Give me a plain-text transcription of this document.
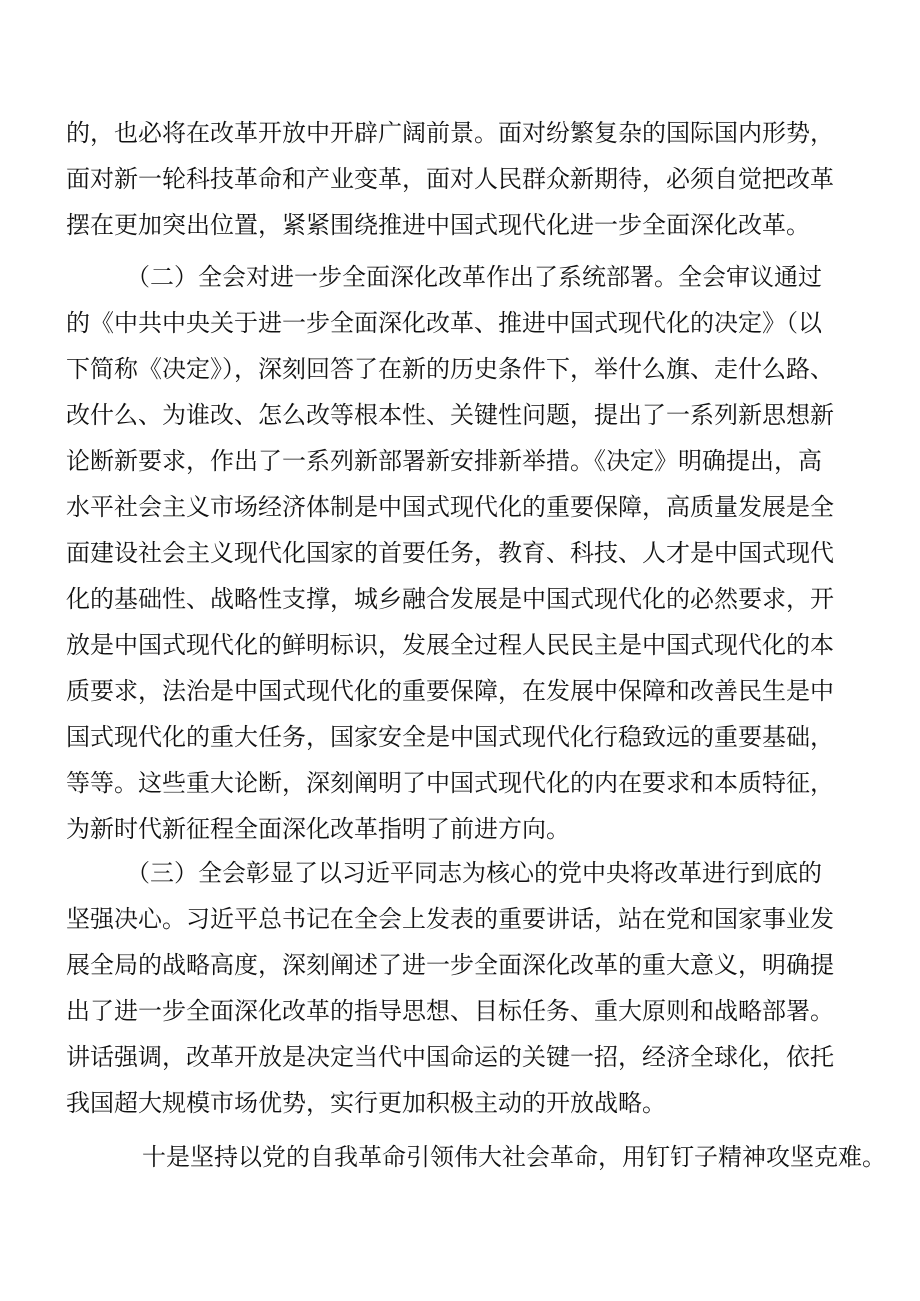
的，也必将在改革开放中开辟广阔前景。面对纷繁复杂的国际国内形势，
面对新一轮科技革命和产业变革，面对人民群众新期待，必须自觉把改革
摆在更加突出位置，紧紧围绕推进中国式现代化进一步全面深化改革。
（二）全会对进一步全面深化改革作出了系统部署。全会审议通过
的《中共中央关于进一步全面深化改革、推进中国式现代化的决定》（以
下简称《决定》），深刻回答了在新的历史条件下，举什么旗、走什么路、
改什么、为谁改、怎么改等根本性、关键性问题，提出了一系列新思想新
论断新要求，作出了一系列新部署新安排新举措。《决定》明确提出，高
水平社会主义市场经济体制是中国式现代化的重要保障，高质量发展是全
面建设社会主义现代化国家的首要任务，教育、科技、人才是中国式现代
化的基础性、战略性支撑，城乡融合发展是中国式现代化的必然要求，开
放是中国式现代化的鲜明标识，发展全过程人民民主是中国式现代化的本
质要求，法治是中国式现代化的重要保障，在发展中保障和改善民生是中
国式现代化的重大任务，国家安全是中国式现代化行稳致远的重要基础，
等等。这些重大论断，深刻阐明了中国式现代化的内在要求和本质特征，
为新时代新征程全面深化改革指明了前进方向。
（三）全会彰显了以习近平同志为核心的党中央将改革进行到底的
坚强决心。习近平总书记在全会上发表的重要讲话，站在党和国家事业发
展全局的战略高度，深刻阐述了进一步全面深化改革的重大意义，明确提
出了进一步全面深化改革的指导思想、目标任务、重大原则和战略部署。
讲话强调，改革开放是决定当代中国命运的关键一招，经济全球化，依托
我国超大规模市场优势，实行更加积极主动的开放战略。
十是坚持以党的自我革命引领伟大社会革命，用钉钉子精神攻坚克难。
